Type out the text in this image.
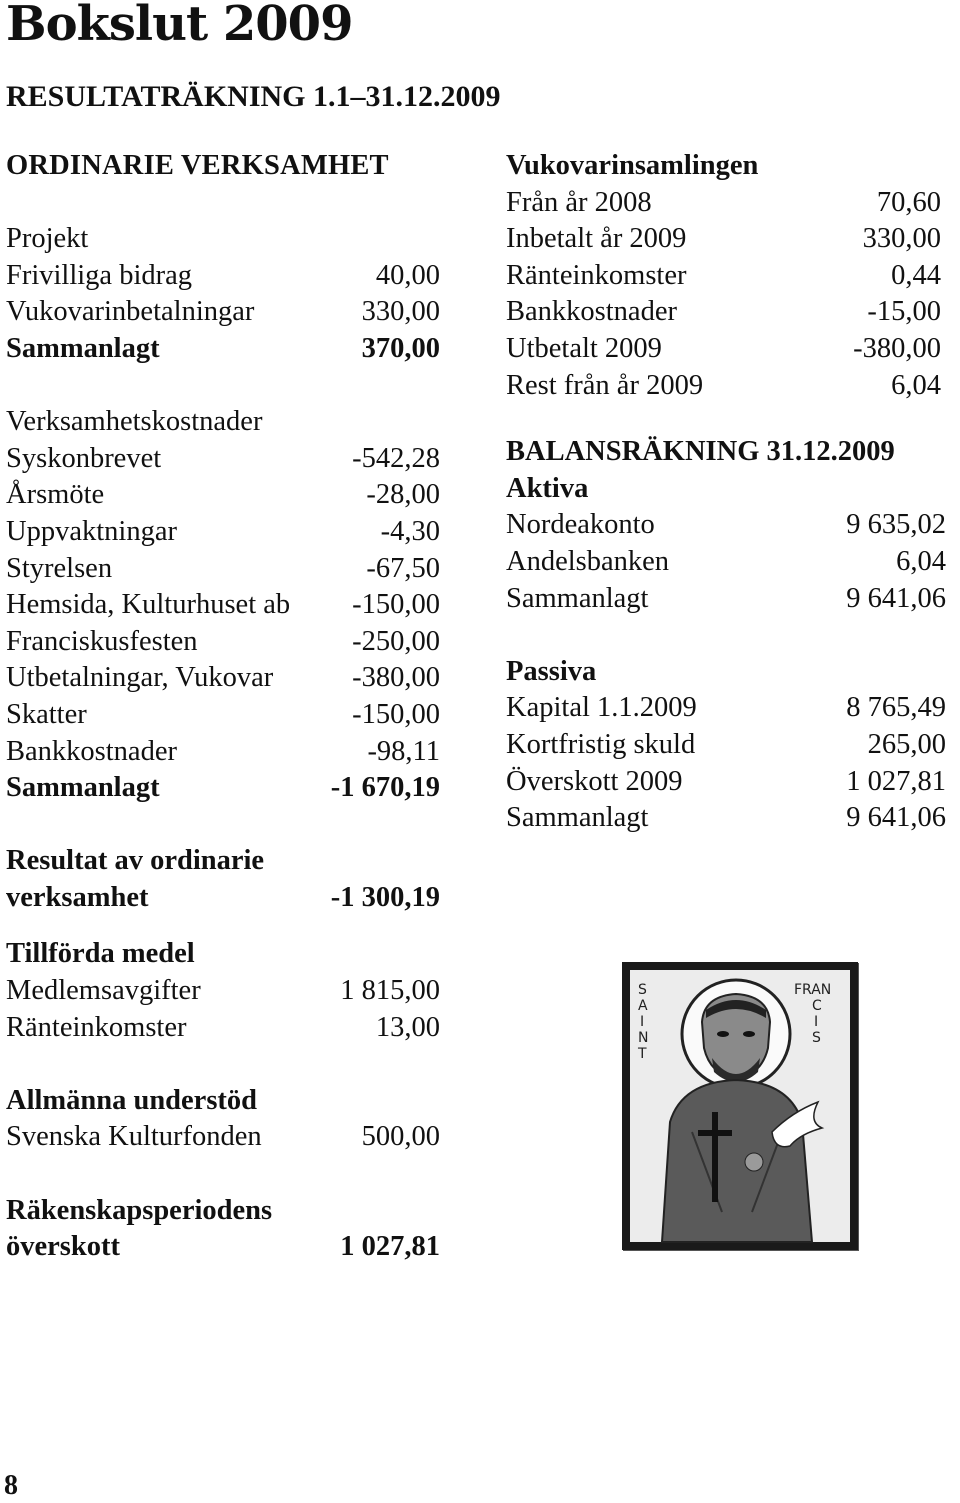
Bokslut 2009
RESULTATRÄKNING 1.1–31.12.2009
ORDINARIE VERKSAMHET
Projekt
Frivilliga bidrag	40,00
Vukovarinbetalningar	330,00
Sammanlagt	370,00
Verksamhetskostnader
Syskonbrevet	-542,28
Årsmöte	-28,00
Uppvaktningar	-4,30
Styrelsen	-67,50
Hemsida, Kulturhuset ab -150,00
Franciskusfesten	-250,00
Utbetalningar, Vukovar	-380,00
Skatter	-150,00
Bankkostnader	-98,11
Sammanlagt	-1 670,19
Resultat av ordinarie
verksamhet	-1 300,19
Tillförda medel
Medlemsavgifter	1 815,00
Ränteinkomster	13,00
Allmänna understöd
Svenska Kulturfonden	500,00
Räkenskapsperiodens
överskott	1 027,81
Vukovarinsamlingen
Från år 2008	70,60
Inbetalt år 2009	330,00
Ränteinkomster	0,44
Bankkostnader	-15,00
Utbetalt 2009	-380,00
Rest från år 2009	6,04
BALANSRÄKNING 31.12.2009
Aktiva
Nordeakonto	9 635,02
Andelsbanken	6,04
Sammanlagt	9 641,06
Passiva
Kapital 1.1.2009	8 765,49
Kortfristig skuld	265,00
Överskott 2009	1 027,81
Sammanlagt	9 641,06
S
A
I
N
T
FRAN
C
I
S

8
